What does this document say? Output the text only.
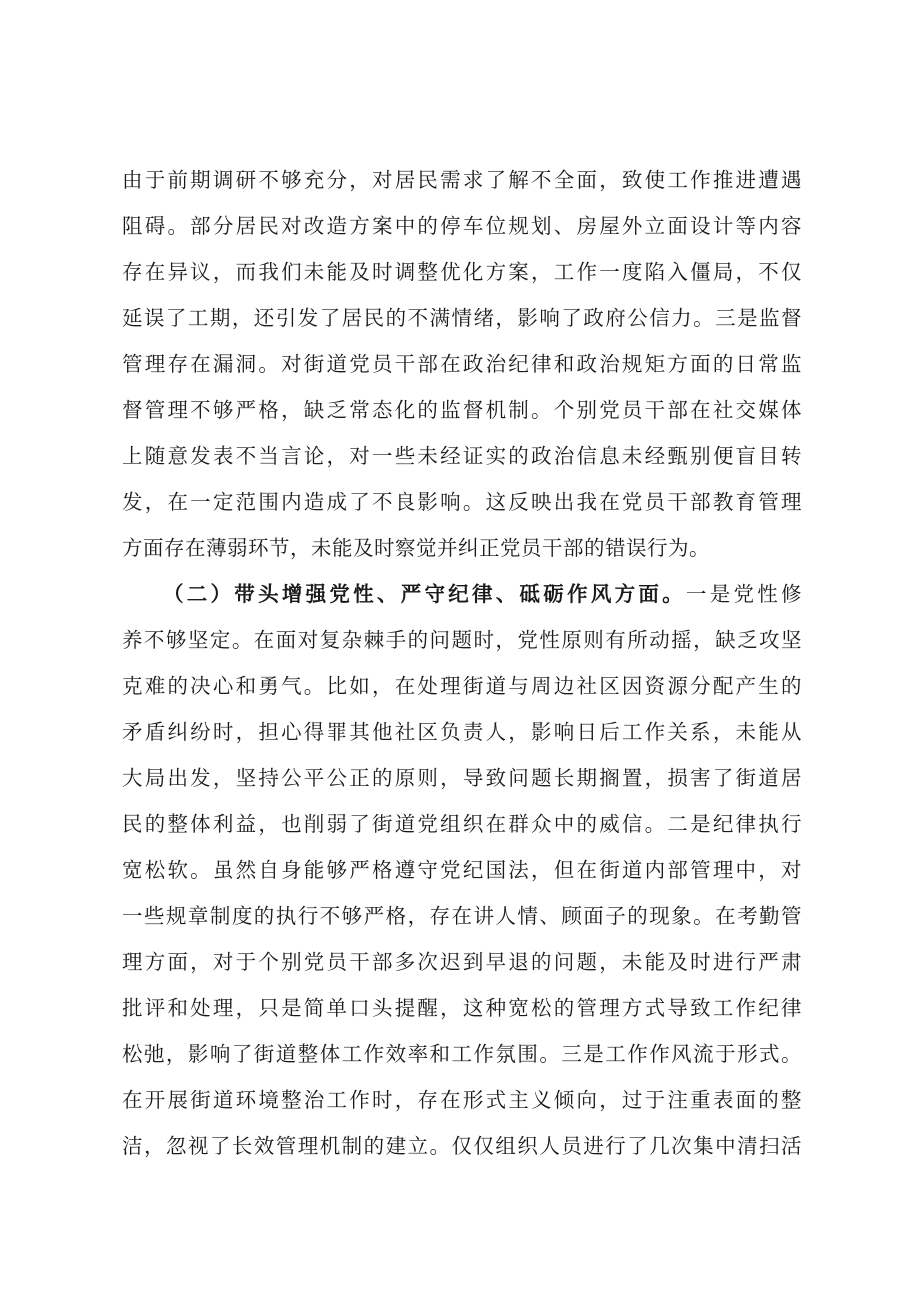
由于前期调研不够充分，对居民需求了解不全面，致使工作推进遭遇
阻碍。部分居民对改造方案中的停车位规划、房屋外立面设计等内容
存在异议，而我们未能及时调整优化方案，工作一度陷入僵局，不仅
延误了工期，还引发了居民的不满情绪，影响了政府公信力。三是监督
管理存在漏洞。对街道党员干部在政治纪律和政治规矩方面的日常监
督管理不够严格，缺乏常态化的监督机制。个别党员干部在社交媒体
上随意发表不当言论，对一些未经证实的政治信息未经甄别便盲目转
发，在一定范围内造成了不良影响。这反映出我在党员干部教育管理
方面存在薄弱环节，未能及时察觉并纠正党员干部的错误行为。
（二）带头增强党性、严守纪律、砥砺作风方面。一是党性修
养不够坚定。在面对复杂棘手的问题时，党性原则有所动摇，缺乏攻坚
克难的决心和勇气。比如，在处理街道与周边社区因资源分配产生的
矛盾纠纷时，担心得罪其他社区负责人，影响日后工作关系，未能从
大局出发，坚持公平公正的原则，导致问题长期搁置，损害了街道居
民的整体利益，也削弱了街道党组织在群众中的威信。二是纪律执行
宽松软。虽然自身能够严格遵守党纪国法，但在街道内部管理中，对
一些规章制度的执行不够严格，存在讲人情、顾面子的现象。在考勤管
理方面，对于个别党员干部多次迟到早退的问题，未能及时进行严肃
批评和处理，只是简单口头提醒，这种宽松的管理方式导致工作纪律
松弛，影响了街道整体工作效率和工作氛围。三是工作作风流于形式。
在开展街道环境整治工作时，存在形式主义倾向，过于注重表面的整
洁，忽视了长效管理机制的建立。仅仅组织人员进行了几次集中清扫活
